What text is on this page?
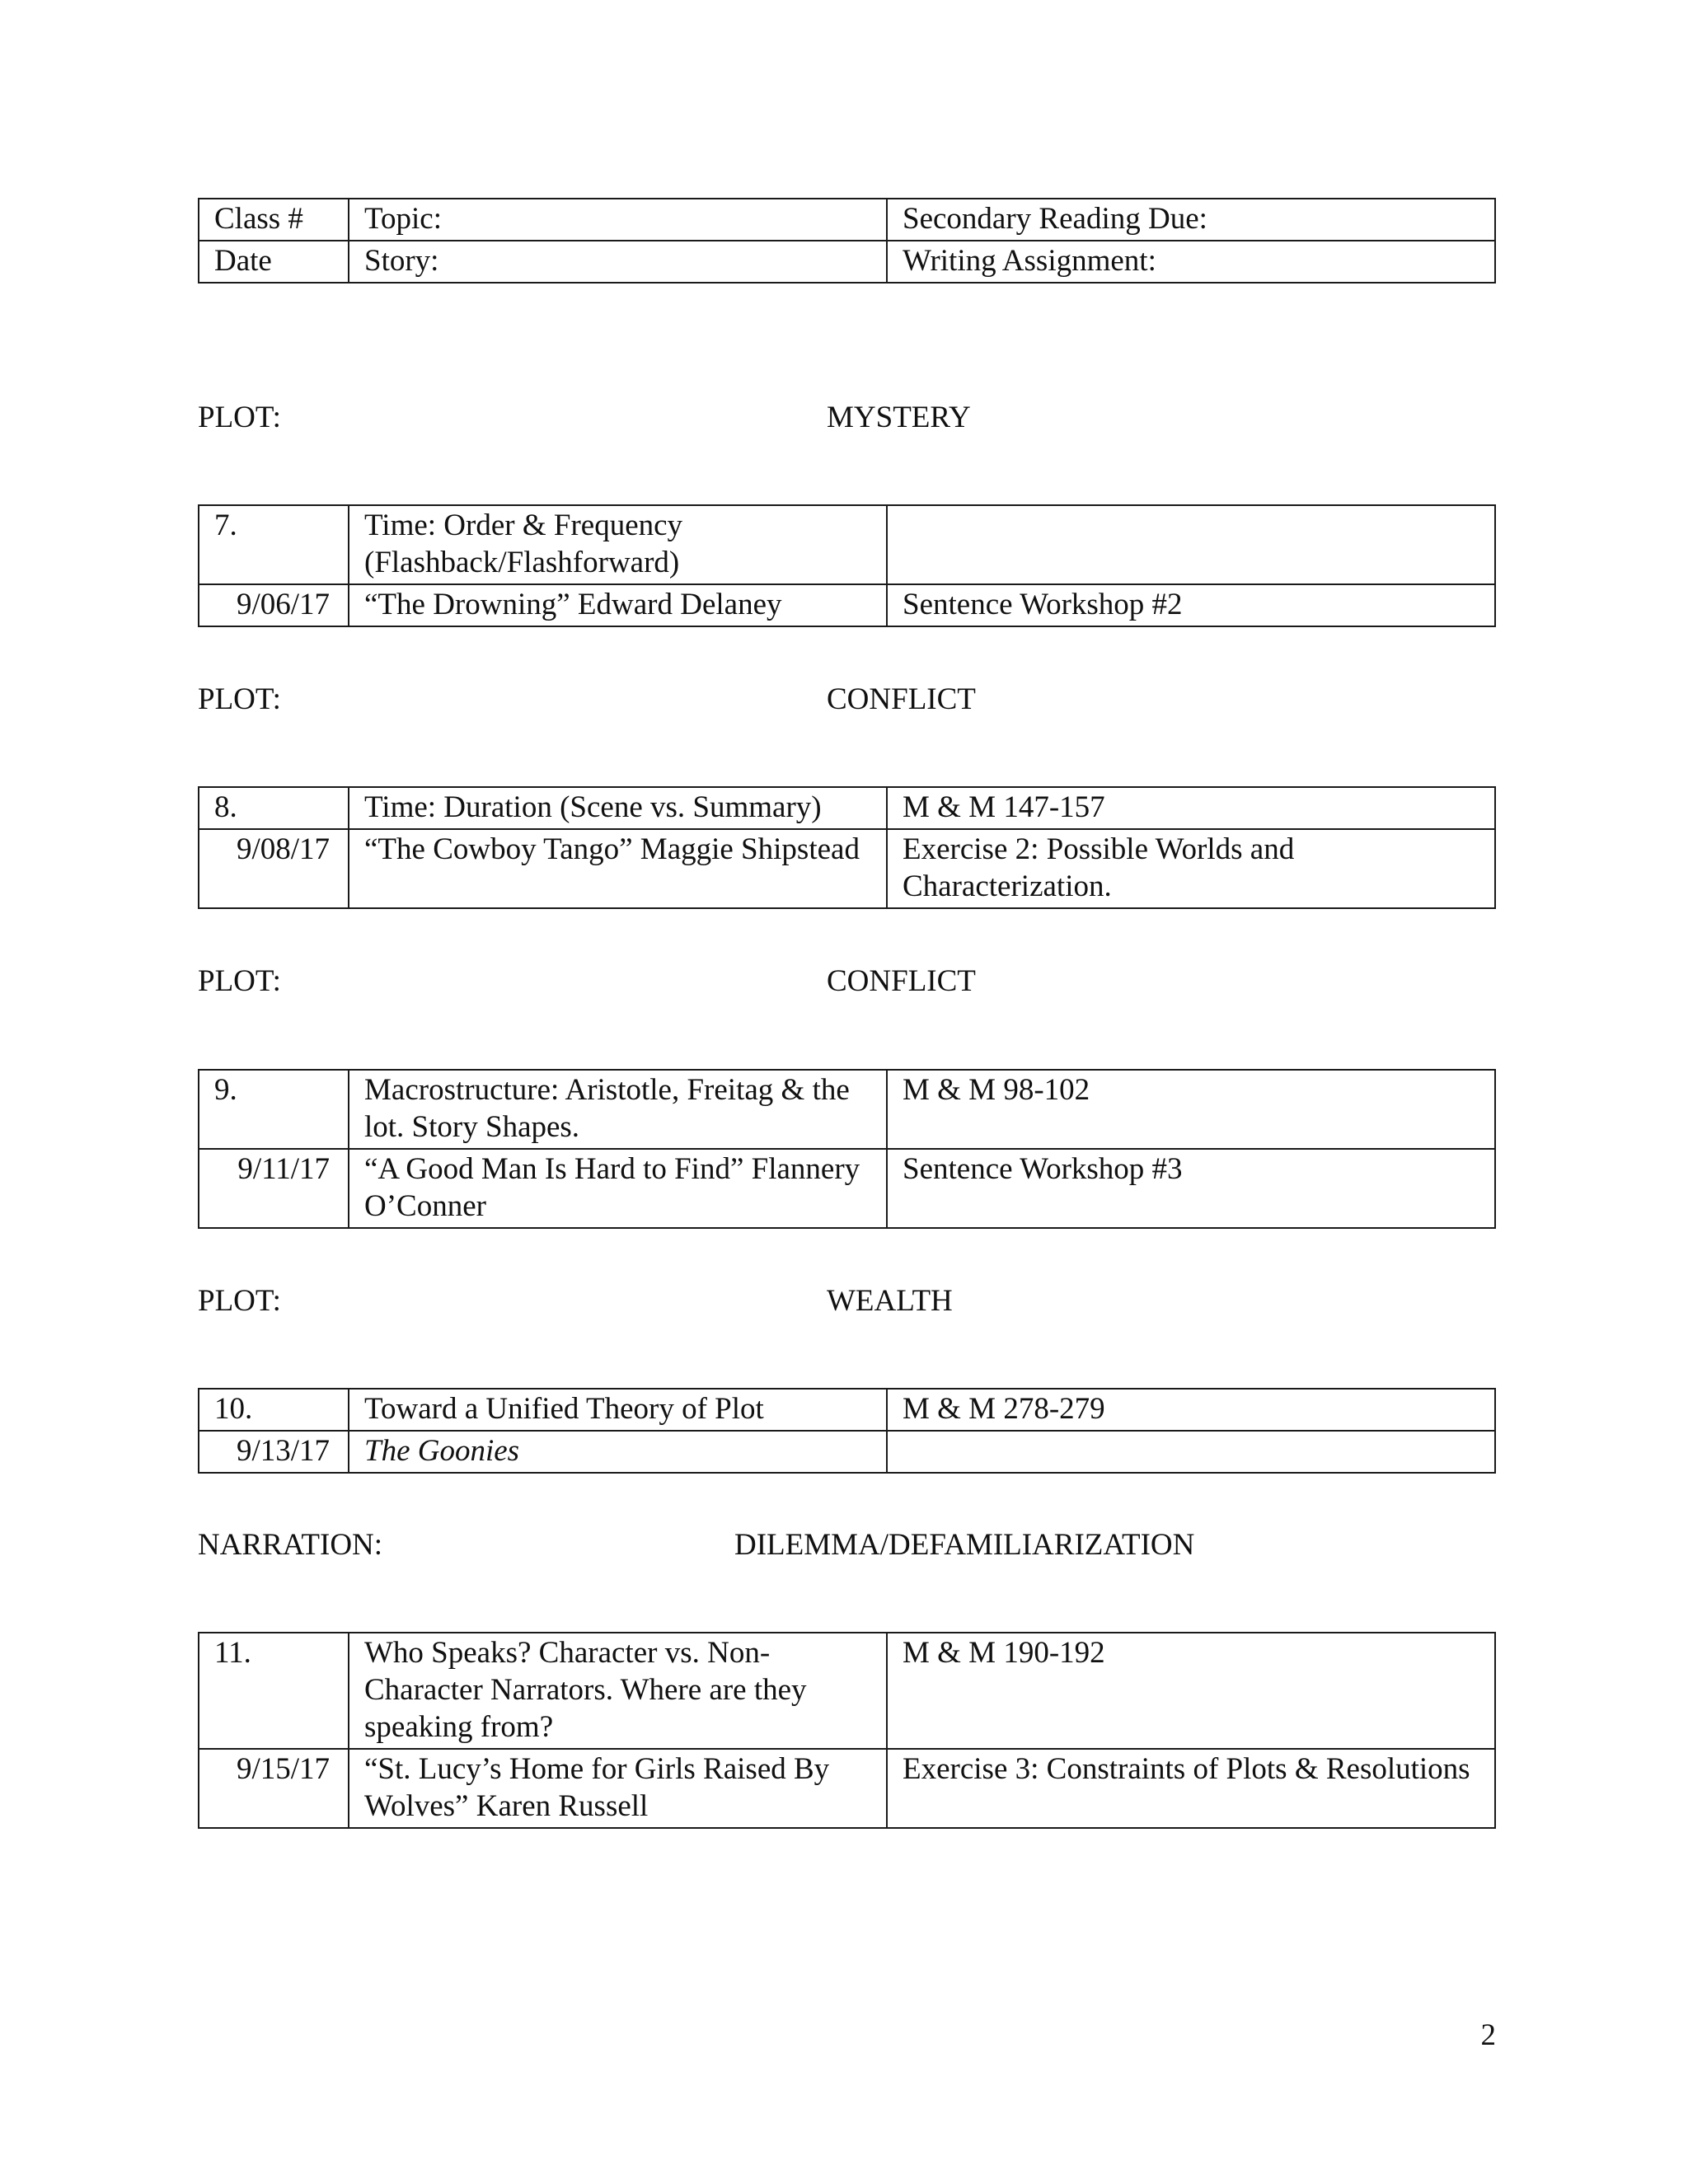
Class #	Topic:	Secondary Reading Due:
Date	Story:	Writing Assignment:
PLOT:	MYSTERY
7.	Time: Order & Frequency (Flashback/Flashforward)	
9/06/17	“The Drowning” Edward Delaney	Sentence Workshop #2
PLOT:	CONFLICT
8.	Time: Duration (Scene vs. Summary)	M & M 147-157
9/08/17	“The Cowboy Tango” Maggie Shipstead	Exercise 2: Possible Worlds and Characterization.
PLOT:	CONFLICT
9.	Macrostructure: Aristotle, Freitag & the lot. Story Shapes.	M & M 98-102
9/11/17	“A Good Man Is Hard to Find” Flannery O’Conner	Sentence Workshop #3
PLOT:	WEALTH
10.	Toward a Unified Theory of Plot	M & M 278-279
9/13/17	The Goonies	
NARRATION:	DILEMMA/DEFAMILIARIZATION
11.	Who Speaks? Character vs. Non-Character Narrators. Where are they speaking from?	M & M 190-192
9/15/17	“St. Lucy’s Home for Girls Raised By Wolves” Karen Russell	Exercise 3: Constraints of Plots & Resolutions
2
